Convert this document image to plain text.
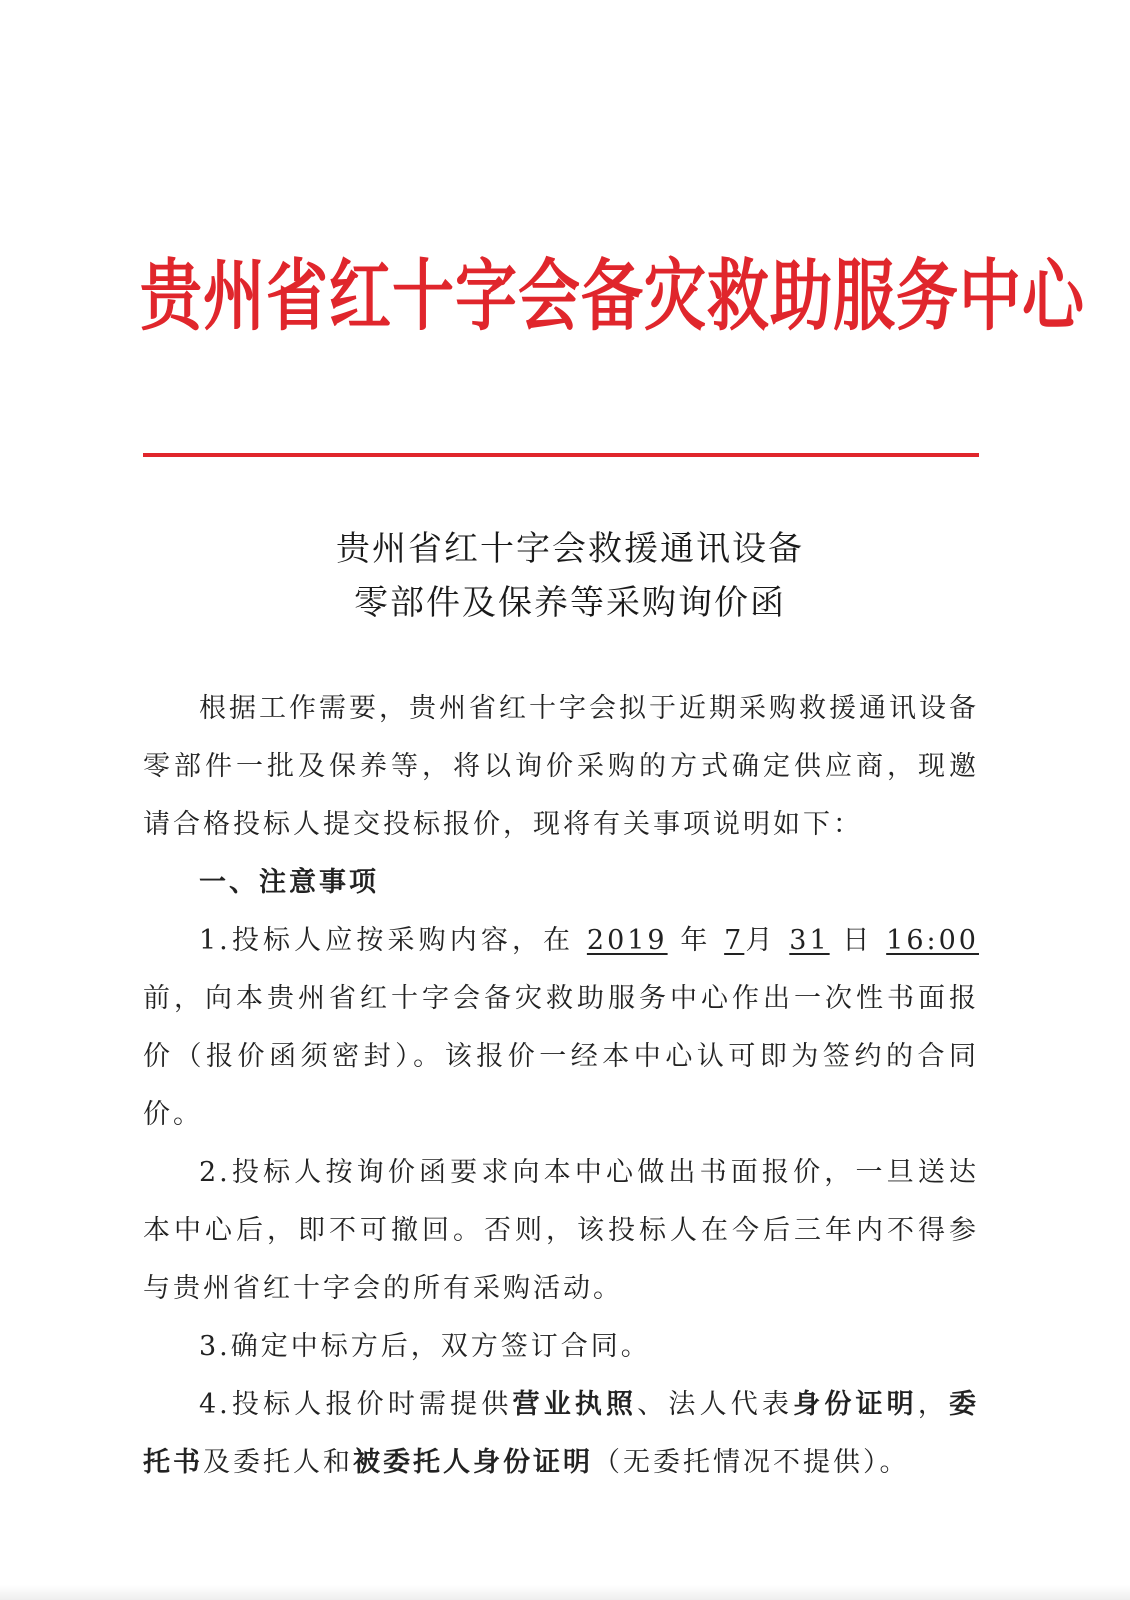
贵州省红十字会备灾救助服务中心
贵州省红十字会救援通讯设备
零部件及保养等采购询价函

根据工作需要，贵州省红十字会拟于近期采购救援通讯设备零部件一批及保养等，将以询价采购的方式确定供应商，现邀请合格投标人提交投标报价，现将有关事项说明如下：

一、注意事项

1.投标人应按采购内容，在 2019 年 7月 31 日 16:00 前，向本贵州省红十字会备灾救助服务中心作出一次性书面报价（报价函须密封）。该报价一经本中心认可即为签约的合同价。

2.投标人按询价函要求向本中心做出书面报价，一旦送达本中心后，即不可撤回。否则，该投标人在今后三年内不得参与贵州省红十字会的所有采购活动。

3.确定中标方后，双方签订合同。

4.投标人报价时需提供营业执照、法人代表身份证明，委托书及委托人和被委托人身份证明（无委托情况不提供）。
